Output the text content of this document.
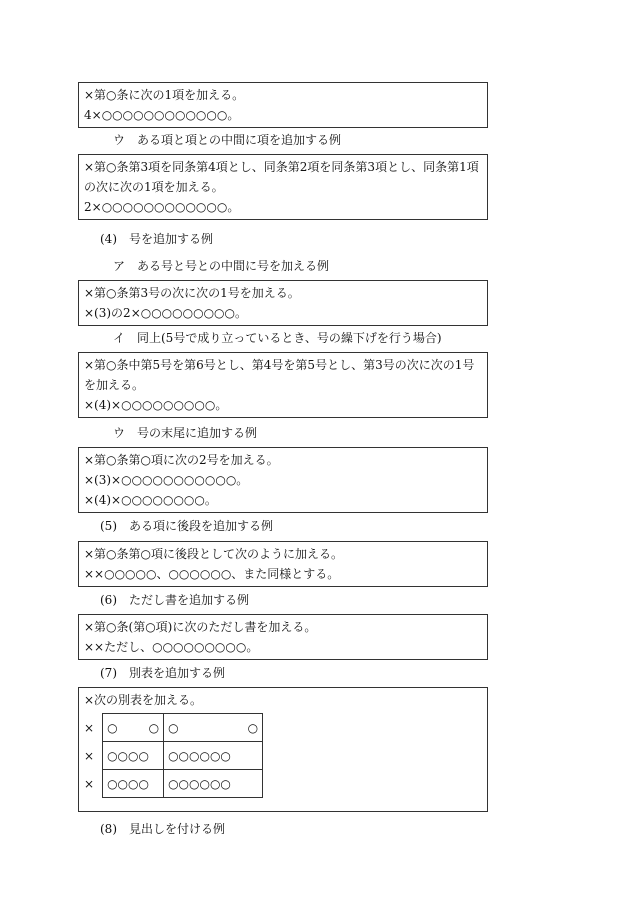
×第○条に次の1項を加える。
4×○○○○○○○○○○○○。
ウ　ある項と項との中間に項を追加する例
×第○条第3項を同条第4項とし、同条第2項を同条第3項とし、同条第1項の次に次の1項を加える。
2×○○○○○○○○○○○○。
(4)　号を追加する例
ア　ある号と号との中間に号を加える例
×第○条第3号の次に次の1号を加える。
×(3)の2×○○○○○○○○○。
イ　同上(5号で成り立っているとき、号の繰下げを行う場合)
×第○条中第5号を第6号とし、第4号を第5号とし、第3号の次に次の1号を加える。
×(4)×○○○○○○○○○。
ウ　号の末尾に追加する例
×第○条第○項に次の2号を加える。
×(3)×○○○○○○○○○○○。
×(4)×○○○○○○○○。
(5)　ある項に後段を追加する例
×第○条第○項に後段として次のように加える。
××○○○○○、○○○○○○、また同様とする。
(6)　ただし書を追加する例
×第○条(第○項)に次のただし書を加える。
××ただし、○○○○○○○○○。
(7)　別表を追加する例
×次の別表を加える。
×	○ ○	○ ○

×	○○○○	○○○○○○
×	○○○○	○○○○○○
(8)　見出しを付ける例
